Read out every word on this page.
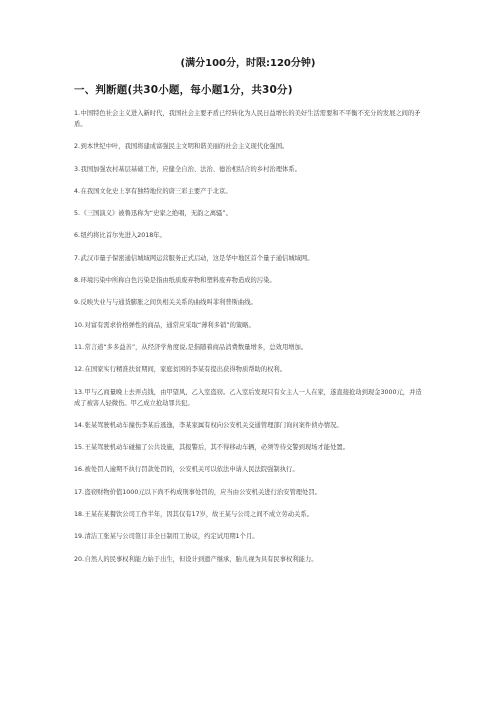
(满分100分，时限:120分钟)
一、判断题(共30小题，每小题1分，共30分)
1.中国特色社会主义进入新时代，我国社会主要矛盾已经转化为人民日益增长的美好生活需要和不平衡不充分的发展之间的矛盾。
2.到本世纪中叶，我国将建成富强民主文明和谐美丽的社会主义现代化强国。
3.我国加强农村基层基础工作，应健全自治、法治、德治相结合的乡村治理体系。
4.在我国文化史上享有独特地位的唐三彩主要产于北京。
5.《三国演义》被鲁迅称为“史家之绝唱，无韵之离骚”。
6.纽约将比首尔先进入2018年。
7.武汉市量子保密通信城域网运营服务正式启动，这是华中地区首个量子通信城域网。
8.环境污染中所称白色污染是指由纸质废弃物和塑料废弃物造成的污染。
9.反映失业与与通货膨胀之间负相关关系的曲线叫菲利普斯曲线。
10.对富有需求价格弹性的商品，通常应采取“薄利多销”的策略。
11.常言道“多多益善”，从经济学角度说,是指随着商品消费数量增多，总效用增加。
12.在国家实行精准扶贫期间，家庭贫困的李某有提出获得物质帮助的权利。
13.甲与乙商量晚上去弄点钱，由甲望风，乙入室盗窃。乙入室后发现只有女主人一人在家，遂直接抢劫到现金3000元，并造成了被害人轻微伤。甲乙成立抢劫罪共犯。
14.张某驾驶机动车撞伤李某后逃逸，李某家属有权向公安机关交通管理部门询问案件侦办情况。
15.王某驾驶机动车碰撞了公共设施，其报警后，其不得移动车辆，必须等待交警到现场才能处置。
16.被处罚人逾期不执行罚款处罚的，公安机关可以依法申请人民法院强制执行。
17.盗窃财物价值1000元以下尚不构成刑事处罚的，应当由公安机关进行治安管理处罚。
18.王某在某餐饮公司工作半年，因其仅有17岁，故王某与公司之间不成立劳动关系。
19.清洁工张某与公司签订非全日制用工协议，约定试用期1个月。
20.自然人的民事权利能力始于出生，但设计到遗产继承，胎儿视为具有民事权利能力。
